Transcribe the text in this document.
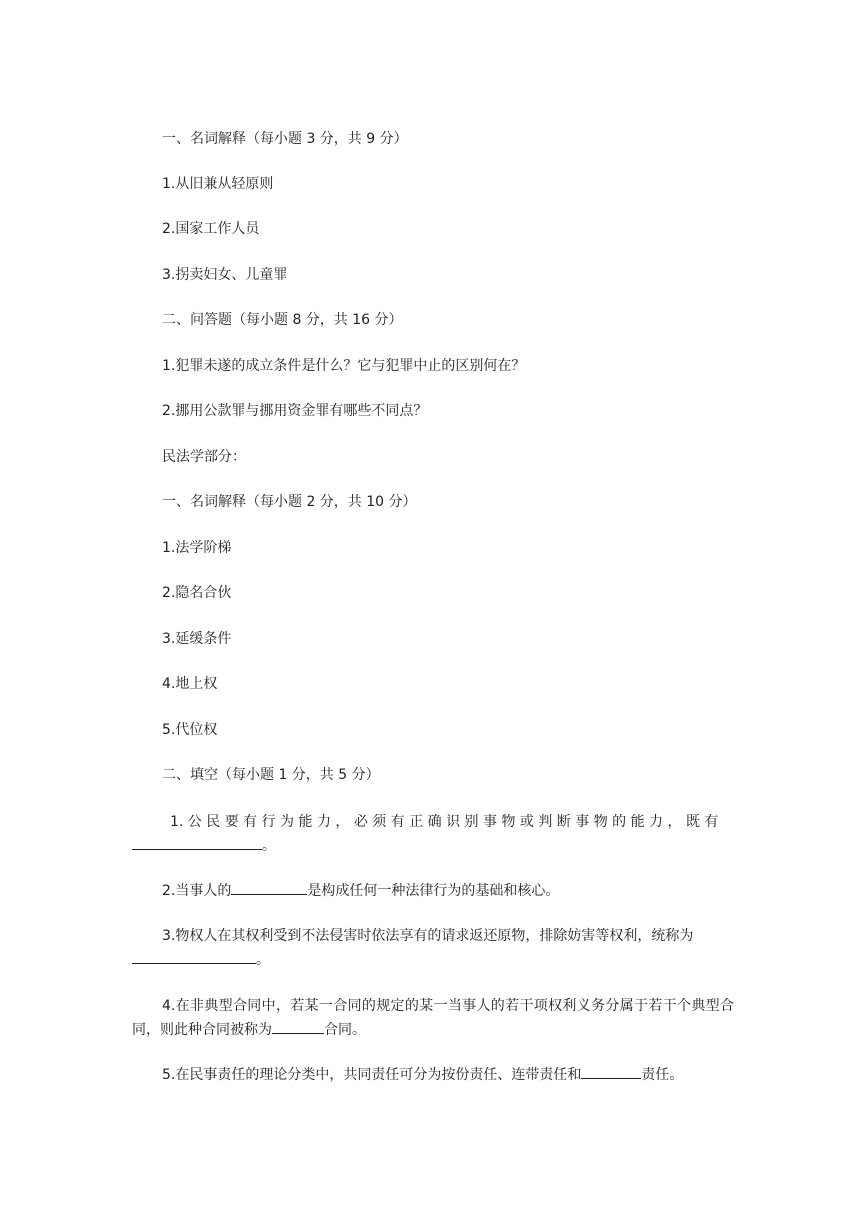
一、名词解释（每小题 3 分，共 9 分）

1.从旧兼从轻原则

2.国家工作人员

3.拐卖妇女、儿童罪

二、问答题（每小题 8 分，共 16 分）

1.犯罪未遂的成立条件是什么？它与犯罪中止的区别何在？

2.挪用公款罪与挪用资金罪有哪些不同点？

民法学部分：

一、名词解释（每小题 2 分，共 10 分）

1.法学阶梯

2.隐名合伙

3.延缓条件

4.地上权

5.代位权

二、填空（每小题 1 分，共 5 分）

1. 公 民 要 有 行 为 能 力 ， 必 须 有 正 确 识 别 事 物 或 判 断 事 物 的 能 力 ， 既 有

。

2.当事人的	是构成任何一种法律行为的基础和核心。

3.物权人在其权利受到不法侵害时依法享有的请求返还原物，排除妨害等权利，统称为

。

4.在非典型合同中，若某一合同的规定的某一当事人的若干项权利义务分属于若干个典型合同，则此种合同被称为	合同。

5.在民事责任的理论分类中，共同责任可分为按份责任、连带责任和	责任。
